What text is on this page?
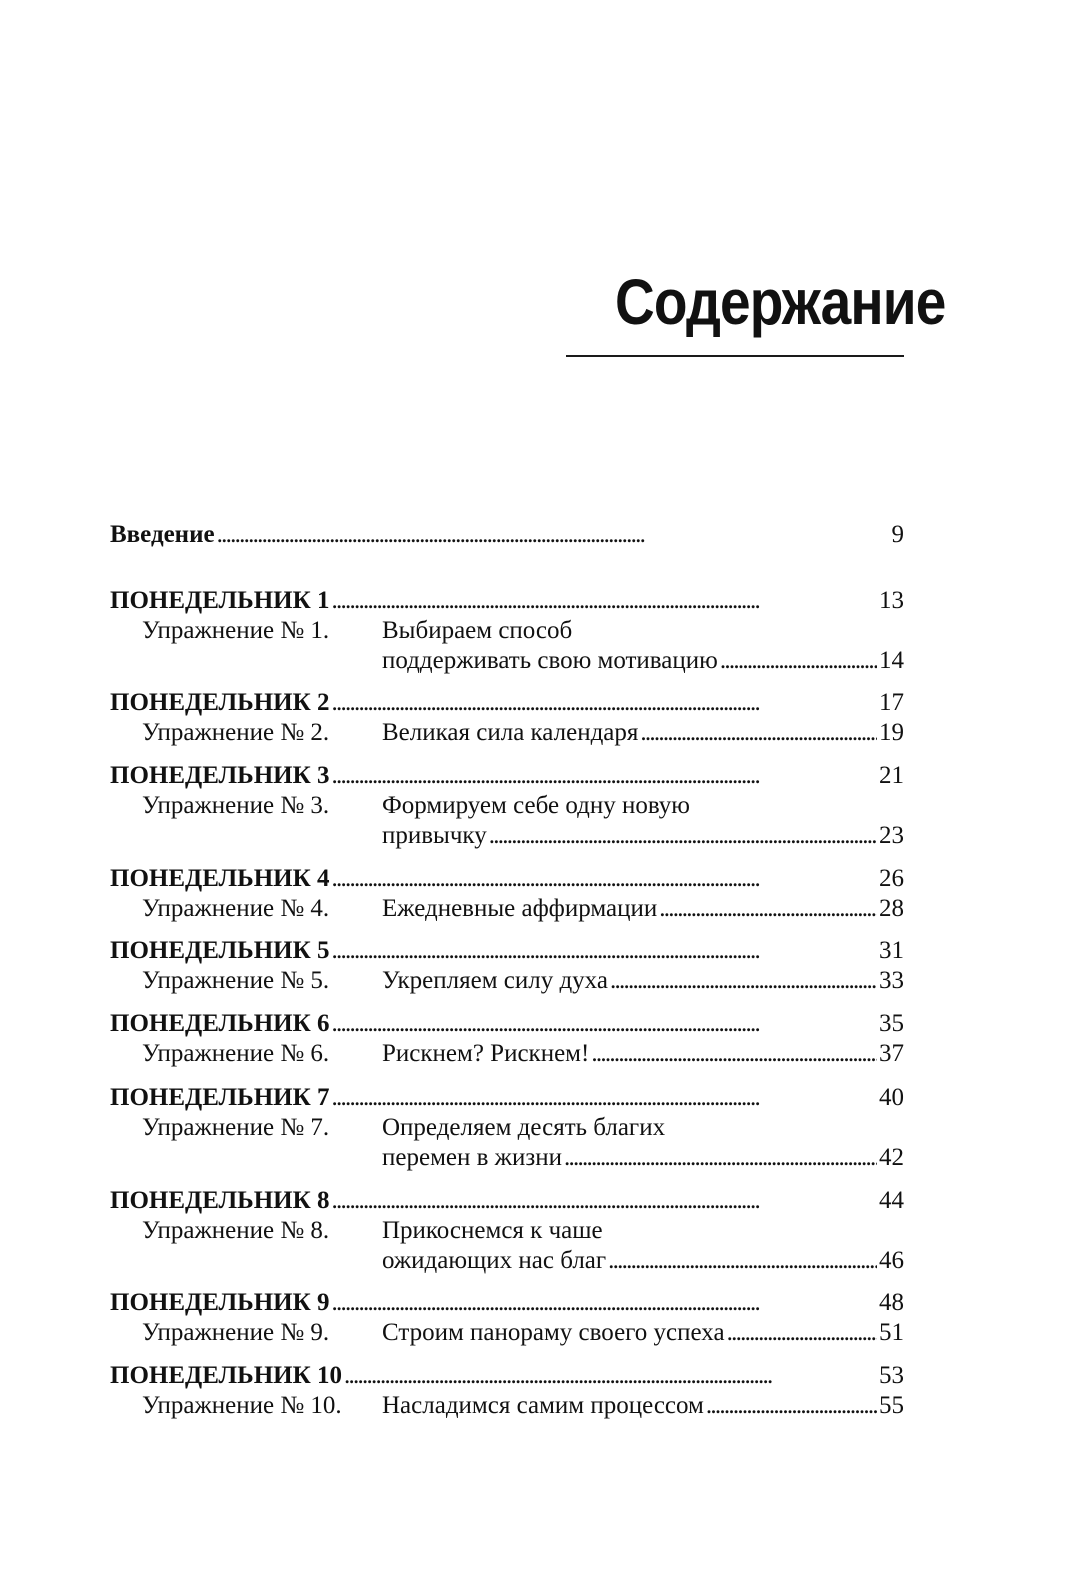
Содержание
Введение . . .	9
ПОНЕДЕЛЬНИК 1 . . .	13
Упражнение № 1. Выбираем способ
поддерживать свою мотивацию . . .	14
ПОНЕДЕЛЬНИК 2 . . .	17
Упражнение № 2. Великая сила календаря . . .	19
ПОНЕДЕЛЬНИК 3 . . .	21
Упражнение № 3. Формируем себе одну новую
привычку . . .	23
ПОНЕДЕЛЬНИК 4 . . .	26
Упражнение № 4. Ежедневные аффирмации . . .	28
ПОНЕДЕЛЬНИК 5 . . .	31
Упражнение № 5. Укрепляем силу духа . . .	33
ПОНЕДЕЛЬНИК 6 . . .	35
Упражнение № 6. Рискнем? Рискнем! . . .	37
ПОНЕДЕЛЬНИК 7 . . .	40
Упражнение № 7. Определяем десять благих
перемен в жизни . . .	42
ПОНЕДЕЛЬНИК 8 . . .	44
Упражнение № 8. Прикоснемся к чаше
ожидающих нас благ . . .	46
ПОНЕДЕЛЬНИК 9 . . .	48
Упражнение № 9. Строим панораму своего успеха . . .	51
ПОНЕДЕЛЬНИК 10 . . .	53
Упражнение № 10. Насладимся самим процессом . . .	55
